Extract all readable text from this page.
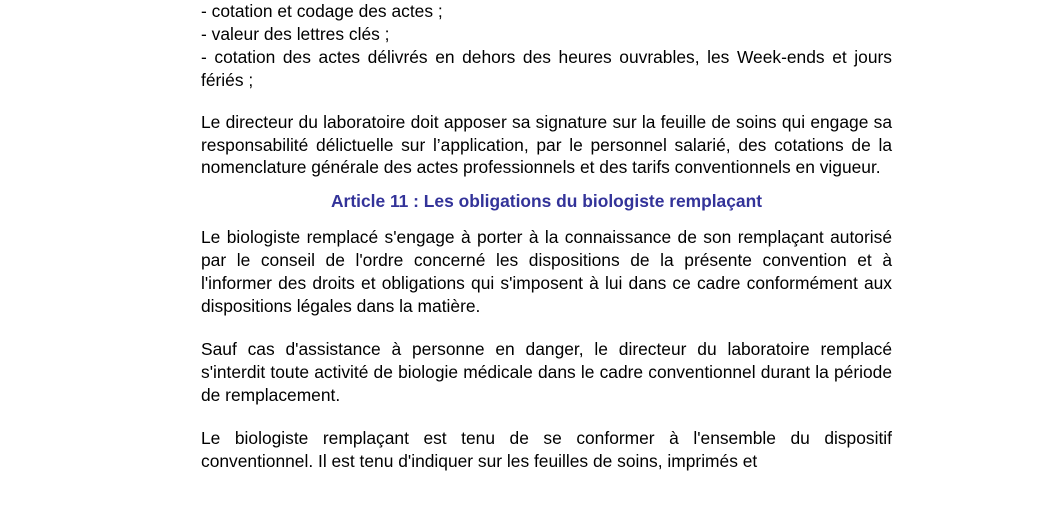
- cotation et codage des actes ;

- valeur des lettres clés ;

- cotation des actes délivrés en dehors des heures ouvrables, les Week-ends et jours fériés ;

Le directeur du laboratoire doit apposer sa signature sur la feuille de soins qui engage sa responsabilité délictuelle sur l’application, par le personnel salarié, des cotations de la nomenclature générale des actes professionnels et des tarifs conventionnels en vigueur.

Article 11 : Les obligations du biologiste remplaçant

Le biologiste remplacé s'engage à porter à la connaissance de son remplaçant autorisé par le conseil de l'ordre concerné les dispositions de la présente convention et à l'informer des droits et obligations qui s'imposent à lui dans ce cadre conformément aux dispositions légales dans la matière.

Sauf cas d'assistance à personne en danger, le directeur du laboratoire remplacé s'interdit toute activité de biologie médicale dans le cadre conventionnel durant la période de remplacement.

Le biologiste remplaçant est tenu de se conformer à l'ensemble du dispositif conventionnel. Il est tenu d'indiquer sur les feuilles de soins, imprimés et
